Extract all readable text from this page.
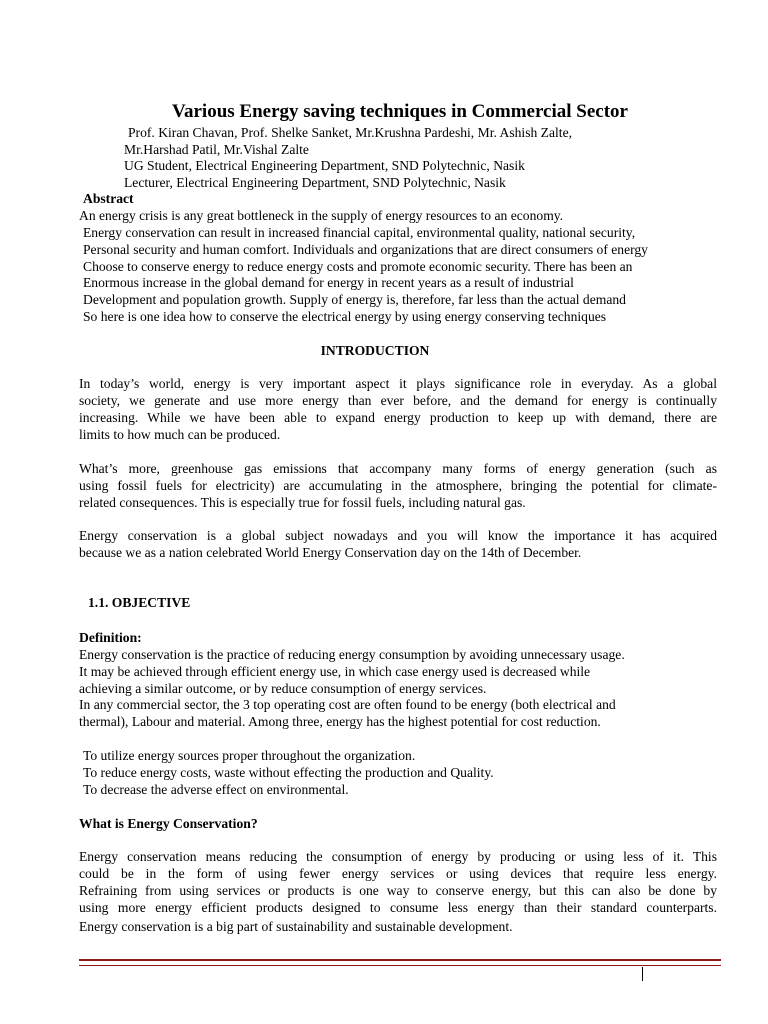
Various Energy saving techniques in Commercial Sector
Prof. Kiran Chavan, Prof. Shelke Sanket, Mr.Krushna Pardeshi, Mr. Ashish Zalte,
Mr.Harshad Patil, Mr.Vishal Zalte
UG Student, Electrical Engineering Department, SND Polytechnic, Nasik
Lecturer, Electrical Engineering Department, SND Polytechnic, Nasik
Abstract
An energy crisis is any great bottleneck in the supply of energy resources to an economy.
Energy conservation can result in increased financial capital, environmental quality, national security,
Personal security and human comfort. Individuals and organizations that are direct consumers of energy
Choose to conserve energy to reduce energy costs and promote economic security. There has been an
Enormous increase in the global demand for energy in recent years as a result of industrial
Development and population growth. Supply of energy is, therefore, far less than the actual demand
So here is one idea how to conserve the electrical energy by using energy conserving techniques
INTRODUCTION
In today’s world, energy is very important aspect it plays significance role in everyday. As a global
society, we generate and use more energy than ever before, and the demand for energy is continually
increasing. While we have been able to expand energy production to keep up with demand, there are
limits to how much can be produced.
What’s more, greenhouse gas emissions that accompany many forms of energy generation (such as
using fossil fuels for electricity) are accumulating in the atmosphere, bringing the potential for climate-
related consequences. This is especially true for fossil fuels, including natural gas.
Energy conservation is a global subject nowadays and you will know the importance it has acquired
because we as a nation celebrated World Energy Conservation day on the 14th of December.
1.1. OBJECTIVE
Definition:
Energy conservation is the practice of reducing energy consumption by avoiding unnecessary usage.
It may be achieved through efficient energy use, in which case energy used is decreased while
achieving a similar outcome, or by reduce consumption of energy services.
In any commercial sector, the 3 top operating cost are often found to be energy (both electrical and
thermal), Labour and material. Among three, energy has the highest potential for cost reduction.
To utilize energy sources proper throughout the organization.
To reduce energy costs, waste without effecting the production and Quality.
To decrease the adverse effect on environmental.
What is Energy Conservation?
Energy conservation means reducing the consumption of energy by producing or using less of it. This
could be in the form of using fewer energy services or using devices that require less energy.
Refraining from using services or products is one way to conserve energy, but this can also be done by
using more energy efficient products designed to consume less energy than their standard counterparts.
Energy conservation is a big part of sustainability and sustainable development.
